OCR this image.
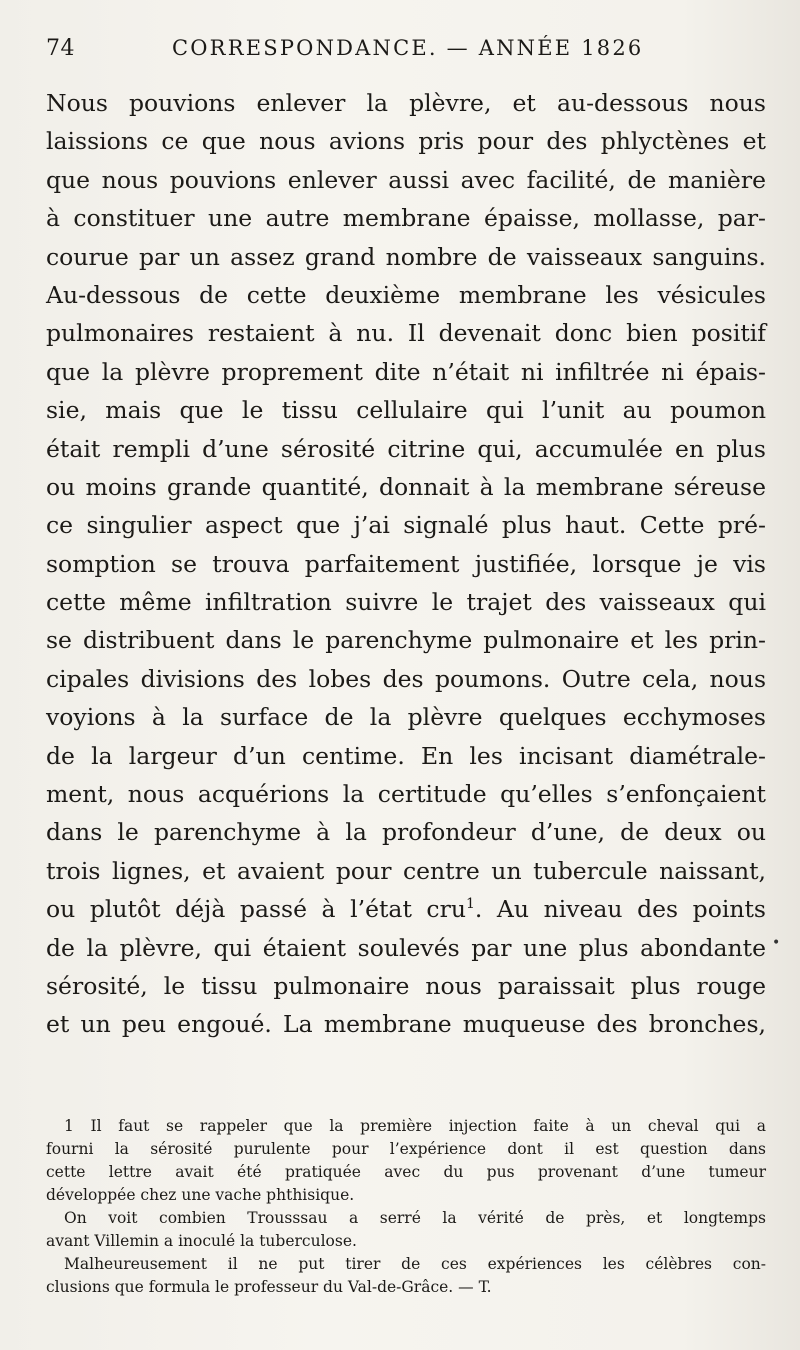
74	CORRESPONDANCE. — ANNÉE 1826
Nous pouvions enlever la plèvre, et au-dessous nous
laissions ce que nous avions pris pour des phlyctènes et
que nous pouvions enlever aussi avec facilité, de manière
à constituer une autre membrane épaisse, mollasse, par-
courue par un assez grand nombre de vaisseaux sanguins.
Au-dessous de cette deuxième membrane les vésicules
pulmonaires restaient à nu. Il devenait donc bien positif
que la plèvre proprement dite n’était ni infiltrée ni épais-
sie, mais que le tissu cellulaire qui l’unit au poumon
était rempli d’une sérosité citrine qui, accumulée en plus
ou moins grande quantité, donnait à la membrane séreuse
ce singulier aspect que j’ai signalé plus haut. Cette pré-
somption se trouva parfaitement justifiée, lorsque je vis
cette même infiltration suivre le trajet des vaisseaux qui
se distribuent dans le parenchyme pulmonaire et les prin-
cipales divisions des lobes des poumons. Outre cela, nous
voyions à la surface de la plèvre quelques ecchymoses
de la largeur d’un centime. En les incisant diamétrale-
ment, nous acquérions la certitude qu’elles s’enfonçaient
dans le parenchyme à la profondeur d’une, de deux ou
trois lignes, et avaient pour centre un tubercule naissant,
ou plutôt déjà passé à l’état cru$^1$. Au niveau des points
de la plèvre, qui étaient soulevés par une plus abondante
sérosité, le tissu pulmonaire nous paraissait plus rouge
et un peu engoué. La membrane muqueuse des bronches,
•
1 Il faut se rappeler que la première injection faite à un cheval qui a
fourni la sérosité purulente pour l’expérience dont il est question dans
cette lettre avait été pratiquée avec du pus provenant d’une tumeur
développée chez une vache phthisique.
On voit combien Trousssau a serré la vérité de près, et longtemps
avant Villemin a inoculé la tuberculose.
Malheureusement il ne put tirer de ces expériences les célèbres con-
clusions que formula le professeur du Val-de-Grâce. — T.
